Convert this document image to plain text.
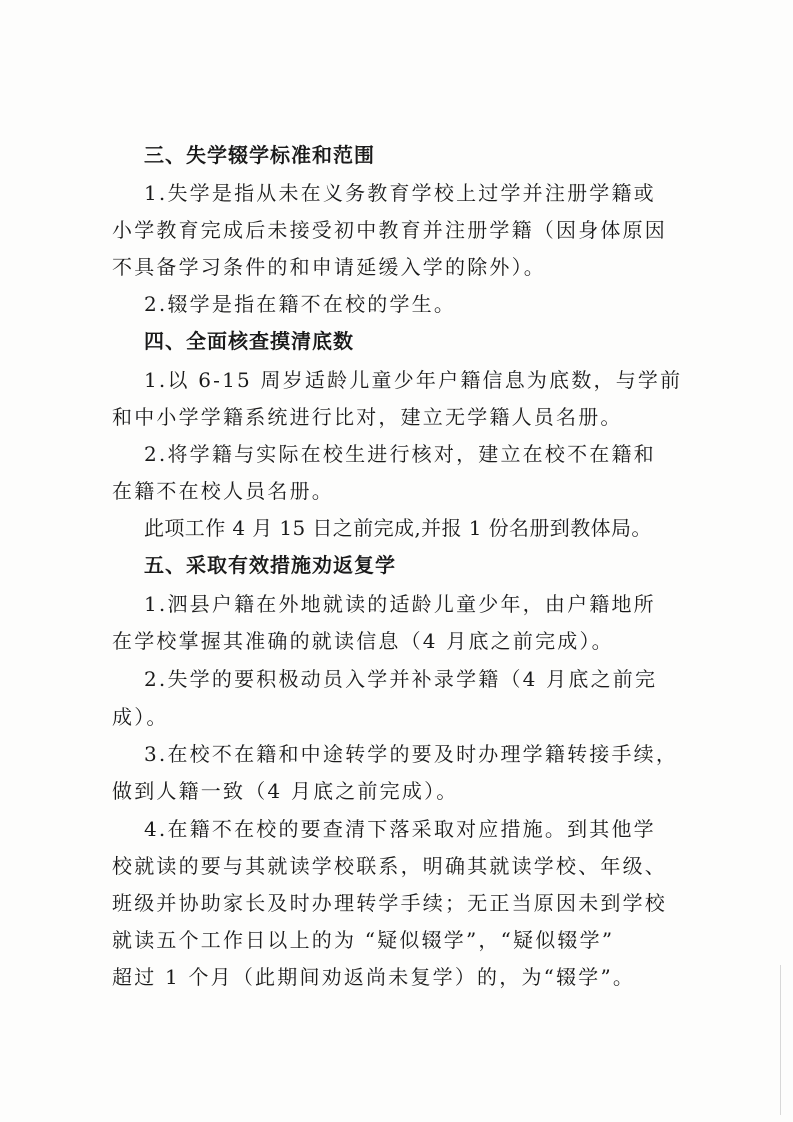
三、失学辍学标准和范围
1.失学是指从未在义务教育学校上过学并注册学籍或
小学教育完成后未接受初中教育并注册学籍（因身体原因
不具备学习条件的和申请延缓入学的除外）。
2.辍学是指在籍不在校的学生。
四、全面核查摸清底数
1.以 6-15 周岁适龄儿童少年户籍信息为底数，与学前
和中小学学籍系统进行比对，建立无学籍人员名册。
2.将学籍与实际在校生进行核对，建立在校不在籍和
在籍不在校人员名册。
此项工作 4 月 15 日之前完成,并报 1 份名册到教体局。
五、采取有效措施劝返复学
1.泗县户籍在外地就读的适龄儿童少年，由户籍地所
在学校掌握其准确的就读信息（4 月底之前完成）。
2.失学的要积极动员入学并补录学籍（4 月底之前完
成）。
3.在校不在籍和中途转学的要及时办理学籍转接手续，
做到人籍一致（4 月底之前完成）。
4.在籍不在校的要查清下落采取对应措施。到其他学
校就读的要与其就读学校联系，明确其就读学校、年级、
班级并协助家长及时办理转学手续；无正当原因未到学校
就读五个工作日以上的为 “疑似辍学”，“疑似辍学”
超过 1 个月（此期间劝返尚未复学）的，为“辍学”。
